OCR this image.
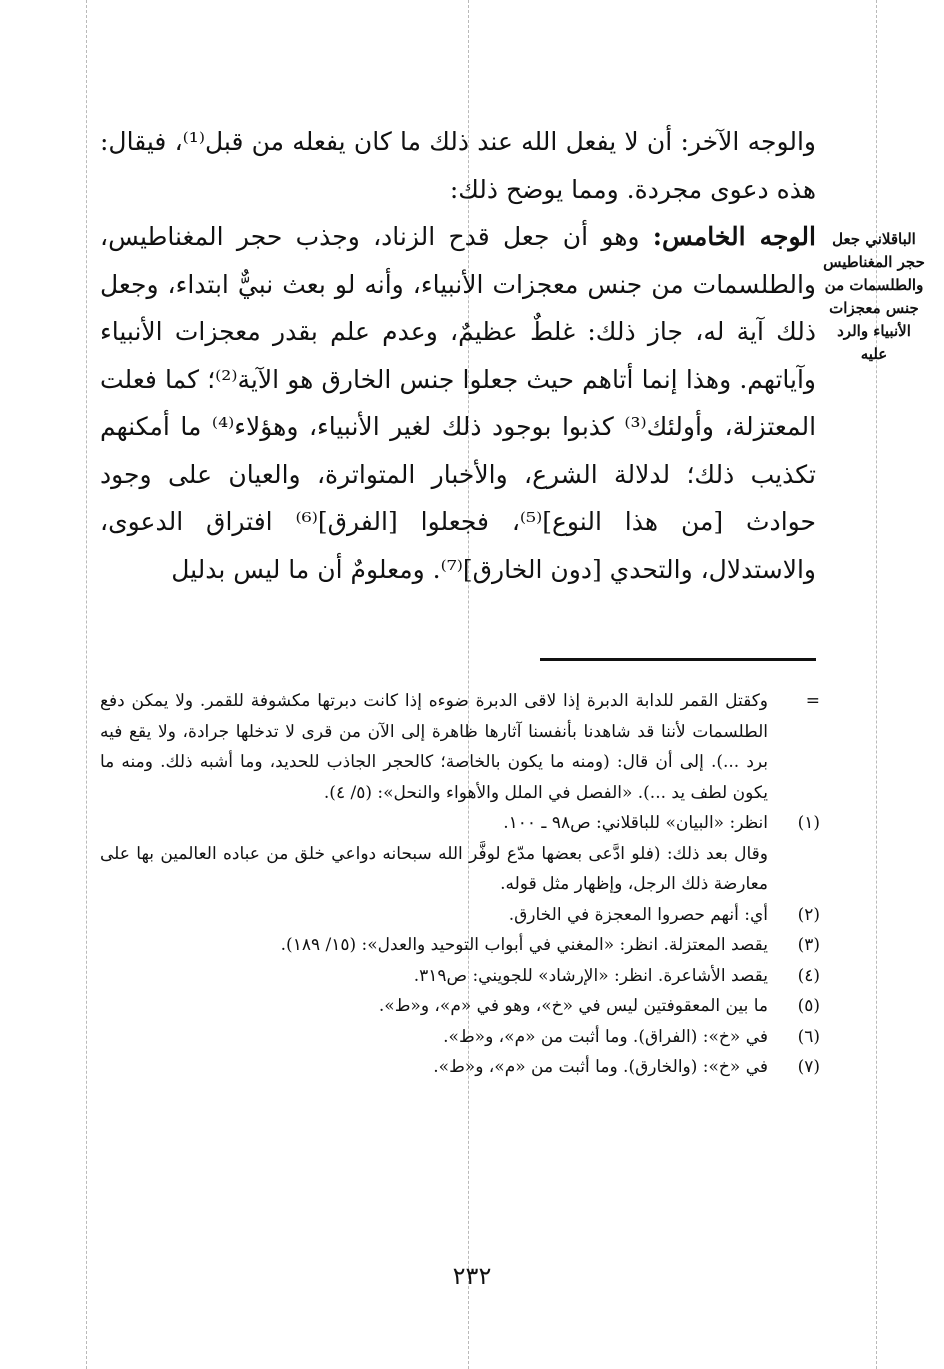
والوجه الآخر: أن لا يفعل الله عند ذلك ما كان يفعله من قبل⁽¹⁾، فيقال: هذه دعوى مجردة. ومما يوضح ذلك:

الوجه الخامس: وهو أن جعل قدح الزناد، وجذب حجر المغناطيس، والطلسمات من جنس معجزات الأنبياء، وأنه لو بعث نبيٌّ ابتداء، وجعل ذلك آية له، جاز ذلك: غلطٌ عظيمٌ، وعدم علم بقدر معجزات الأنبياء وآياتهم. وهذا إنما أتاهم حيث جعلوا جنس الخارق هو الآية⁽²⁾؛ كما فعلت المعتزلة، وأولئك⁽³⁾ كذبوا بوجود ذلك لغير الأنبياء، وهؤلاء⁽⁴⁾ ما أمكنهم تكذيب ذلك؛ لدلالة الشرع، والأخبار المتواترة، والعيان على وجود حوادث [من هذا النوع]⁽⁵⁾، فجعلوا [الفرق]⁽⁶⁾ افتراق الدعوى، والاستدلال، والتحدي [دون الخارق]⁽⁷⁾. ومعلومٌ أن ما ليس بدليل

الباقلاني جعل حجر المغناطيس والطلسمات من جنس معجزات الأنبياء والرد عليه
=
وكقتل القمر للدابة الدبرة إذا لاقى الدبرة ضوءه إذا كانت دبرتها مكشوفة للقمر. ولا يمكن دفع الطلسمات لأننا قد شاهدنا بأنفسنا آثارها ظاهرة إلى الآن من قرى لا تدخلها جرادة، ولا يقع فيه برد ...). إلى أن قال: (ومنه ما يكون بالخاصة؛ كالحجر الجاذب للحديد، وما أشبه ذلك. ومنه ما يكون لطف يد ...). «الفصل في الملل والأهواء والنحل»: (٥/ ٤).
(١)
انظر: «البيان» للباقلاني: ص٩٨ ـ ١٠٠.
وقال بعد ذلك: (فلو ادَّعى بعضها مدّع لوفَّر الله سبحانه دواعي خلق من عباده العالمين بها على معارضة ذلك الرجل، وإظهار مثل قوله.
(٢)
أي: أنهم حصروا المعجزة في الخارق.
(٣)
يقصد المعتزلة. انظر: «المغني في أبواب التوحيد والعدل»: (١٥/ ١٨٩).
(٤)
يقصد الأشاعرة. انظر: «الإرشاد» للجويني: ص٣١٩.
(٥)
ما بين المعقوفتين ليس في «خ»، وهو في «م»، و«ط».
(٦)
في «خ»: (الفراق). وما أثبت من «م»، و«ط».
(٧)
في «خ»: (والخارق). وما أثبت من «م»، و«ط».
٢٣٢
